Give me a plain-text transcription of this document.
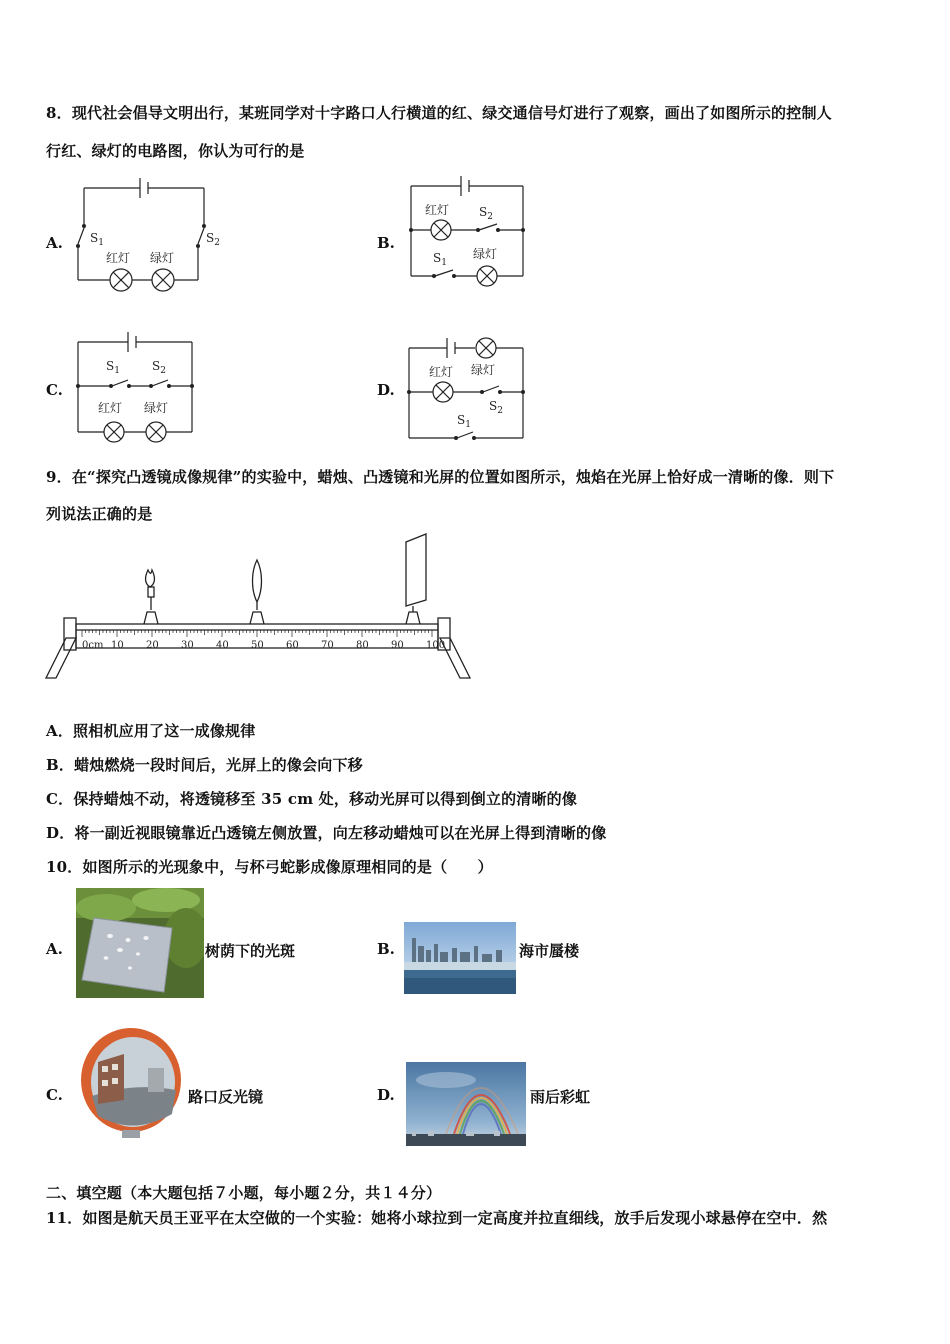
8．现代社会倡导文明出行，某班同学对十字路口人行横道的红、绿交通信号灯进行了观察，画出了如图所示的控制人
行红、绿灯的电路图，你认为可行的是
A. $S_1$	$S_2$
红灯 绿灯
B.
红灯 $S_2$
$S_1$
绿灯
C.
$S_1$	$S_2$
红灯 绿灯
D.
红灯 绿灯
$S_2$
$S_1$
9．在“探究凸透镜成像规律”的实验中，蜡烛、凸透镜和光屏的位置如图所示，烛焰在光屏上恰好成一清晰的像．则下
列说法正确的是
0cm 10 20 30 40 50 60 70 80 90 100
A．照相机应用了这一成像规律
B．蜡烛燃烧一段时间后，光屏上的像会向下移
C．保持蜡烛不动，将透镜移至 35 cm 处，移动光屏可以得到倒立的清晰的像
D．将一副近视眼镜靠近凸透镜左侧放置，向左移动蜡烛可以在光屏上得到清晰的像
10．如图所示的光现象中，与杯弓蛇影成像原理相同的是（　　）
A.	树荫下的光斑	B.	海市蜃楼
C.	路口反光镜	D.	雨后彩虹
二、填空题（本大题包括７小题，每小题２分，共１４分）
11．如图是航天员王亚平在太空做的一个实验：她将小球拉到一定高度并拉直细线，放手后发现小球悬停在空中．然
